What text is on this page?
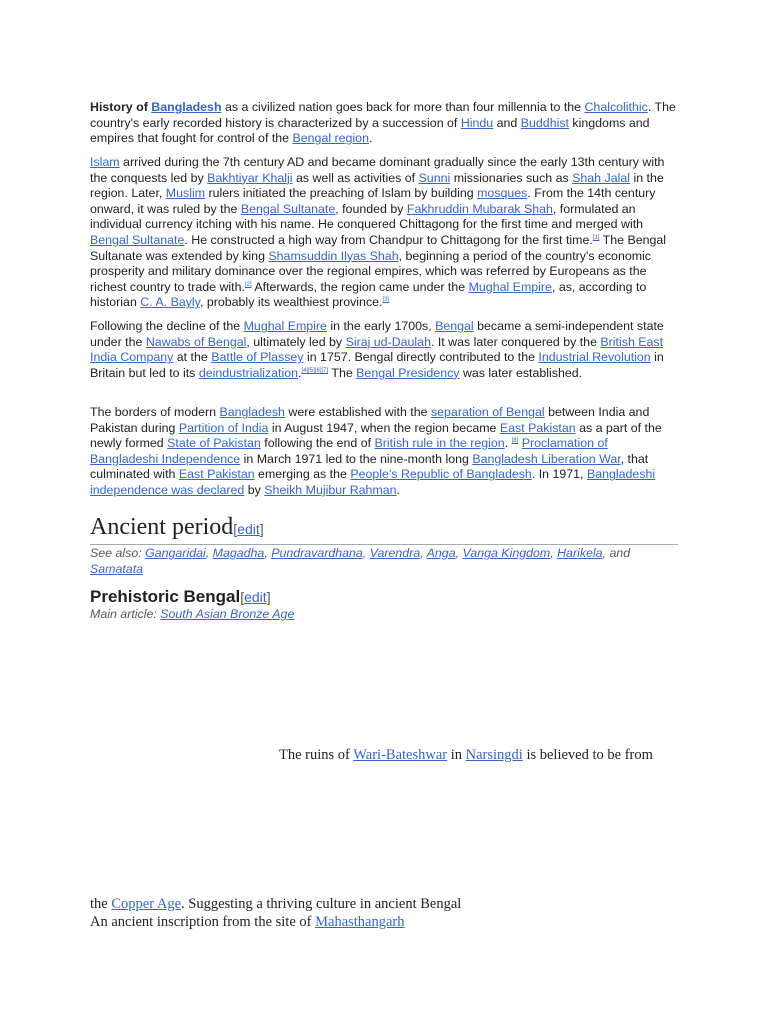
History of Bangladesh as a civilized nation goes back for more than four millennia to the Chalcolithic. The country's early recorded history is characterized by a succession of Hindu and Buddhist kingdoms and empires that fought for control of the Bengal region.

Islam arrived during the 7th century AD and became dominant gradually since the early 13th century with the conquests led by Bakhtiyar Khalji as well as activities of Sunni missionaries such as Shah Jalal in the region. Later, Muslim rulers initiated the preaching of Islam by building mosques. From the 14th century onward, it was ruled by the Bengal Sultanate, founded by Fakhruddin Mubarak Shah, formulated an individual currency itching with his name. He conquered Chittagong for the first time and merged with Bengal Sultanate. He constructed a high way from Chandpur to Chittagong for the first time.[1] The Bengal Sultanate was extended by king Shamsuddin Ilyas Shah, beginning a period of the country's economic prosperity and military dominance over the regional empires, which was referred by Europeans as the richest country to trade with.[2] Afterwards, the region came under the Mughal Empire, as, according to historian C. A. Bayly, probably its wealthiest province.[3]

Following the decline of the Mughal Empire in the early 1700s, Bengal became a semi-independent state under the Nawabs of Bengal, ultimately led by Siraj ud-Daulah. It was later conquered by the British East India Company at the Battle of Plassey in 1757. Bengal directly contributed to the Industrial Revolution in Britain but led to its deindustrialization.[4][5][6][7] The Bengal Presidency was later established.

The borders of modern Bangladesh were established with the separation of Bengal between India and Pakistan during Partition of India in August 1947, when the region became East Pakistan as a part of the newly formed State of Pakistan following the end of British rule in the region. [8] Proclamation of Bangladeshi Independence in March 1971 led to the nine-month long Bangladesh Liberation War, that culminated with East Pakistan emerging as the People's Republic of Bangladesh. In 1971, Bangladeshi independence was declared by Sheikh Mujibur Rahman.

Ancient period[edit]
See also: Gangaridai, Magadha, Pundravardhana, Varendra, Anga, Vanga Kingdom, Harikela, and Samatata
Prehistoric Bengal[edit]
Main article: South Asian Bronze Age
The ruins of Wari-Bateshwar in Narsingdi is believed to be from
the Copper Age. Suggesting a thriving culture in ancient Bengal
An ancient inscription from the site of Mahasthangarh
